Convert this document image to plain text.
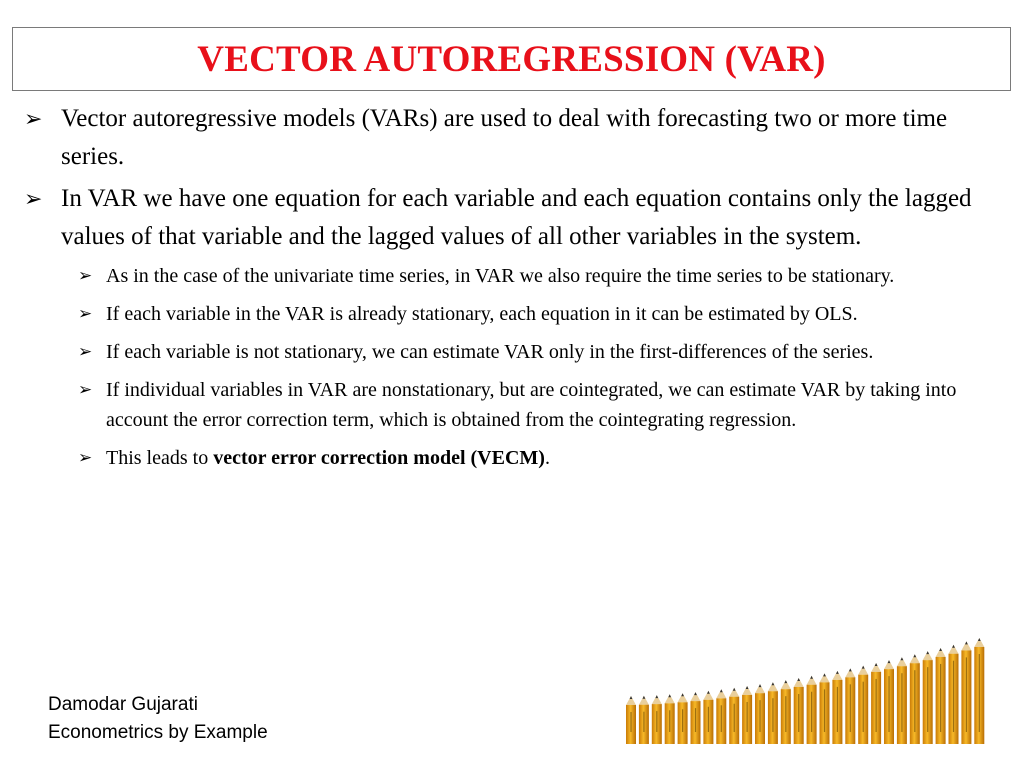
VECTOR AUTOREGRESSION (VAR)
➢ Vector autoregressive models (VARs) are used to deal with forecasting two or more time series.
➢ In VAR we have one equation for each variable and each equation contains only the lagged values of that variable and the lagged values of all other variables in the system.
➢ As in the case of the univariate time series, in VAR we also require the time series to be stationary.
➢ If each variable in the VAR is already stationary, each equation in it can be estimated by OLS.
➢ If each variable is not stationary, we can estimate VAR only in the first-differences of the series.
➢ If individual variables in VAR are nonstationary, but are cointegrated, we can estimate VAR by taking into account the error correction term, which is obtained from the cointegrating regression.
➢ This leads to vector error correction model (VECM).
Damodar Gujarati
Econometrics by Example
